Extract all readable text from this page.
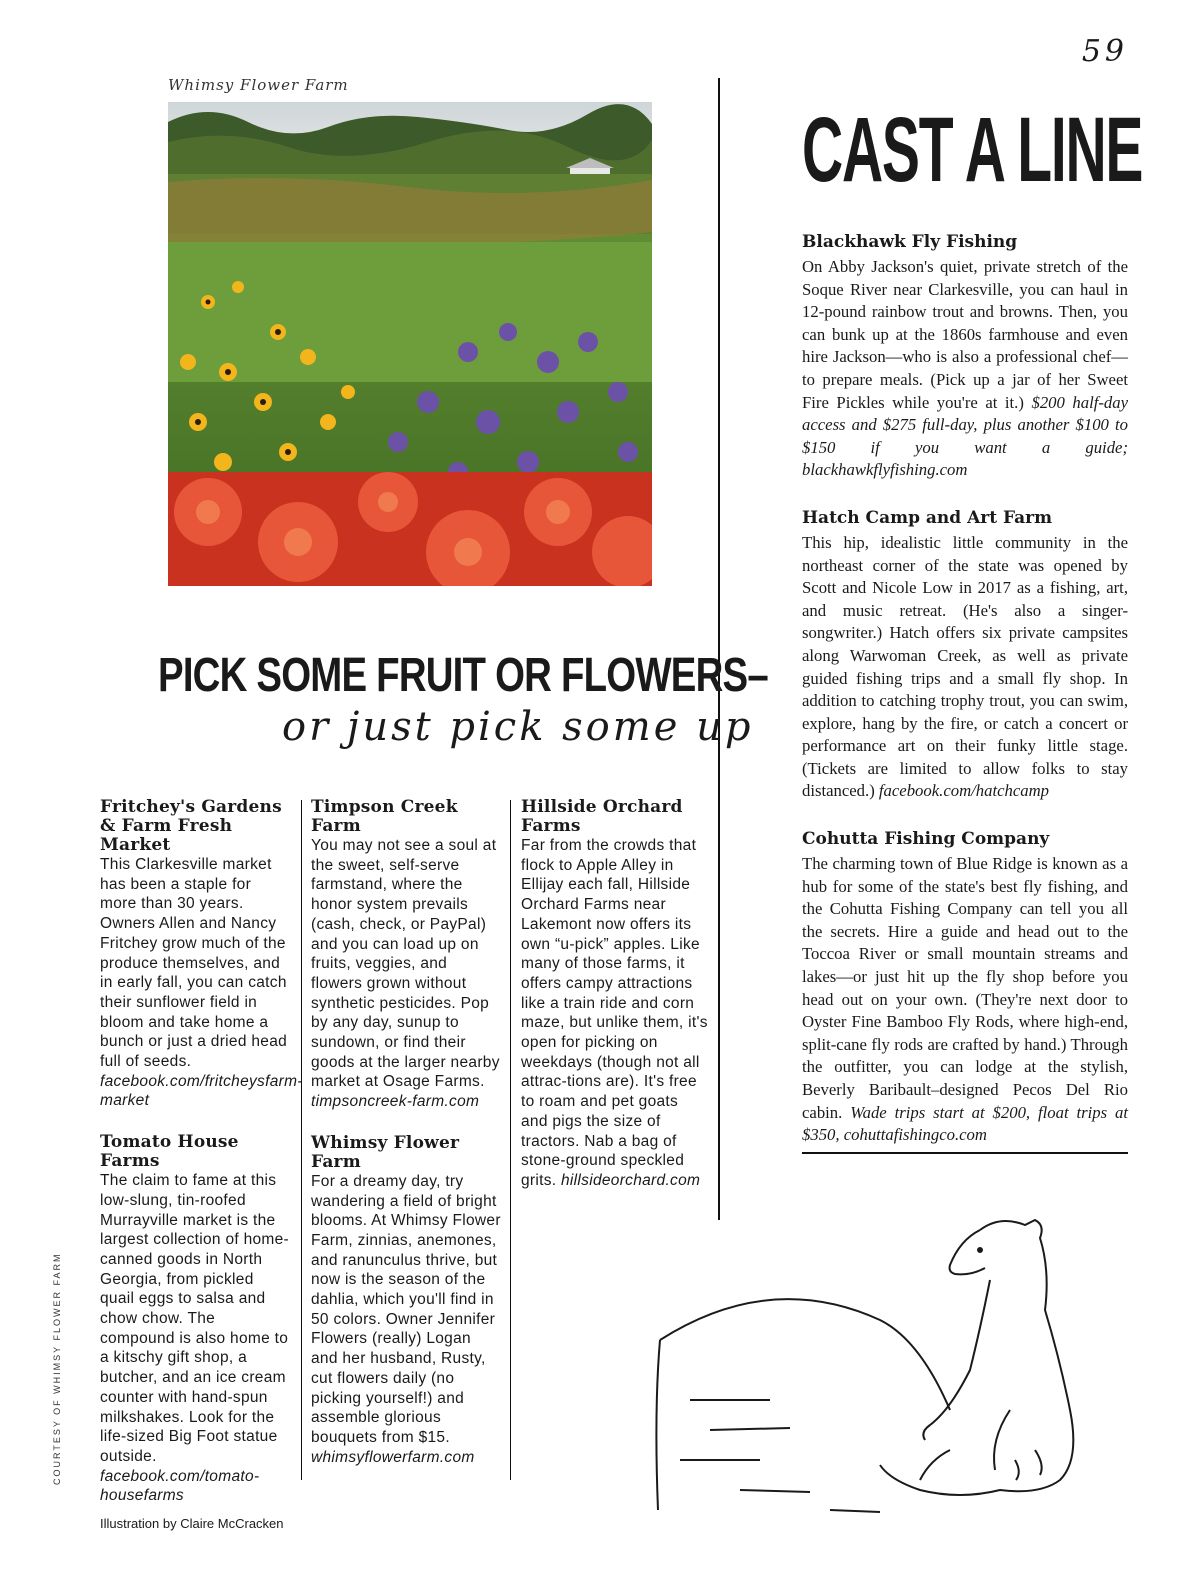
59
Whimsy Flower Farm
PICK SOME FRUIT OR FLOWERS–
or just pick some up
Fritchey's Gardens & Farm Fresh Market

This Clarkesville market has been a staple for more than 30 years. Owners Allen and Nancy Fritchey grow much of the produce themselves, and in early fall, you can catch their sunflower field in bloom and take home a bunch or just a dried head full of seeds. facebook.com/fritcheysfarm-market

Tomato House Farms

The claim to fame at this low-slung, tin-roofed Murrayville market is the largest collection of home-canned goods in North Georgia, from pickled quail eggs to salsa and chow chow. The compound is also home to a kitschy gift shop, a butcher, and an ice cream counter with hand-spun milkshakes. Look for the life-sized Big Foot statue outside. facebook.com/tomato-housefarms

Timpson Creek Farm

You may not see a soul at the sweet, self-serve farmstand, where the honor system prevails (cash, check, or PayPal) and you can load up on fruits, veggies, and flowers grown without synthetic pesticides. Pop by any day, sunup to sundown, or find their goods at the larger nearby market at Osage Farms. timpsoncreek-farm.com

Whimsy Flower Farm

For a dreamy day, try wandering a field of bright blooms. At Whimsy Flower Farm, zinnias, anemones, and ranunculus thrive, but now is the season of the dahlia, which you'll find in 50 colors. Owner Jennifer Flowers (really) Logan and her husband, Rusty, cut flowers daily (no picking yourself!) and assemble glorious bouquets from $15. whimsyflowerfarm.com

Hillside Orchard Farms

Far from the crowds that flock to Apple Alley in Ellijay each fall, Hillside Orchard Farms near Lakemont now offers its own “u-pick” apples. Like many of those farms, it offers campy attractions like a train ride and corn maze, but unlike them, it's open for picking on weekdays (though not all attrac-tions are). It's free to roam and pet goats and pigs the size of tractors. Nab a bag of stone-ground speckled grits. hillsideorchard.com

CAST A LINE
Blackhawk Fly Fishing

On Abby Jackson's quiet, private stretch of the Soque River near Clarkesville, you can haul in 12-pound rainbow trout and browns. Then, you can bunk up at the 1860s farmhouse and even hire Jackson—who is also a professional chef—to prepare meals. (Pick up a jar of her Sweet Fire Pickles while you're at it.) $200 half-day access and $275 full-day, plus another $100 to $150 if you want a guide; blackhawkflyfishing.com

Hatch Camp and Art Farm

This hip, idealistic little community in the northeast corner of the state was opened by Scott and Nicole Low in 2017 as a fishing, art, and music retreat. (He's also a singer-songwriter.) Hatch offers six private campsites along Warwoman Creek, as well as private guided fishing trips and a small fly shop. In addition to catching trophy trout, you can swim, explore, hang by the fire, or catch a concert or performance art on their funky little stage. (Tickets are limited to allow folks to stay distanced.) facebook.com/hatchcamp

Cohutta Fishing Company

The charming town of Blue Ridge is known as a hub for some of the state's best fly fishing, and the Cohutta Fishing Company can tell you all the secrets. Hire a guide and head out to the Toccoa River or small mountain streams and lakes—or just hit up the fly shop before you head out on your own. (They're next door to Oyster Fine Bamboo Fly Rods, where high-end, split-cane fly rods are crafted by hand.) Through the outfitter, you can lodge at the stylish, Beverly Baribault–designed Pecos Del Rio cabin. Wade trips start at $200, float trips at $350, cohuttafishingco.com

COURTESY OF WHIMSY FLOWER FARM
Illustration by Claire McCracken
